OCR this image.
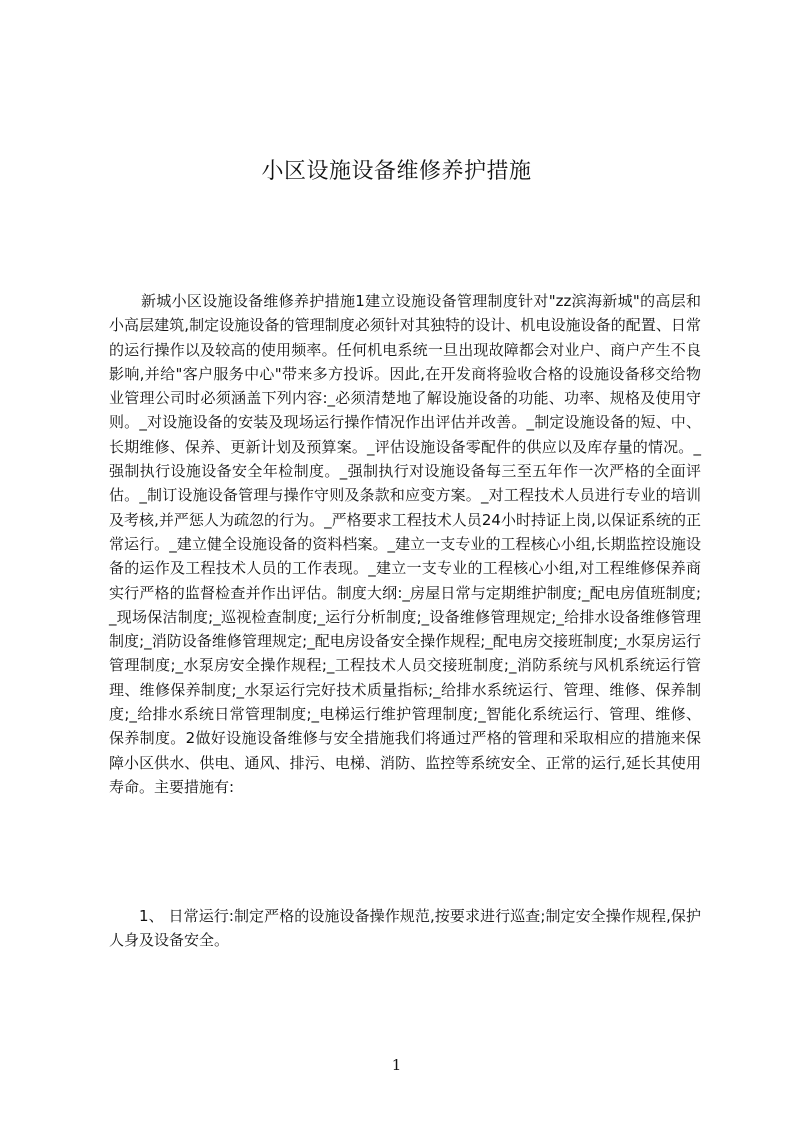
小区设施设备维修养护措施

新城小区设施设备维修养护措施1建立设施设备管理制度针对"zz滨海新城"的高层和小高层建筑,制定设施设备的管理制度必须针对其独特的设计、机电设施设备的配置、日常的运行操作以及较高的使用频率。任何机电系统一旦出现故障都会对业户、商户产生不良影响,并给"客户服务中心"带来多方投诉。因此,在开发商将验收合格的设施设备移交给物业管理公司时必须涵盖下列内容:_必须清楚地了解设施设备的功能、功率、规格及使用守则。_对设施设备的安装及现场运行操作情况作出评估并改善。_制定设施设备的短、中、长期维修、保养、更新计划及预算案。_评估设施设备零配件的供应以及库存量的情况。_强制执行设施设备安全年检制度。_强制执行对设施设备每三至五年作一次严格的全面评估。_制订设施设备管理与操作守则及条款和应变方案。_对工程技术人员进行专业的培训及考核,并严惩人为疏忽的行为。_严格要求工程技术人员24小时持证上岗,以保证系统的正常运行。_建立健全设施设备的资料档案。_建立一支专业的工程核心小组,长期监控设施设备的运作及工程技术人员的工作表现。_建立一支专业的工程核心小组,对工程维修保养商实行严格的监督检查并作出评估。制度大纲:_房屋日常与定期维护制度;_配电房值班制度;_现场保洁制度;_巡视检查制度;_运行分析制度;_设备维修管理规定;_给排水设备维修管理制度;_消防设备维修管理规定;_配电房设备安全操作规程;_配电房交接班制度;_水泵房运行管理制度;_水泵房安全操作规程;_工程技术人员交接班制度;_消防系统与风机系统运行管理、维修保养制度;_水泵运行完好技术质量指标;_给排水系统运行、管理、维修、保养制度;_给排水系统日常管理制度;_电梯运行维护管理制度;_智能化系统运行、管理、维修、保养制度。2做好设施设备维修与安全措施我们将通过严格的管理和采取相应的措施来保障小区供水、供电、通风、排污、电梯、消防、监控等系统安全、正常的运行,延长其使用寿命。主要措施有:

1、 日常运行:制定严格的设施设备操作规范,按要求进行巡查;制定安全操作规程,保护人身及设备安全。

1
